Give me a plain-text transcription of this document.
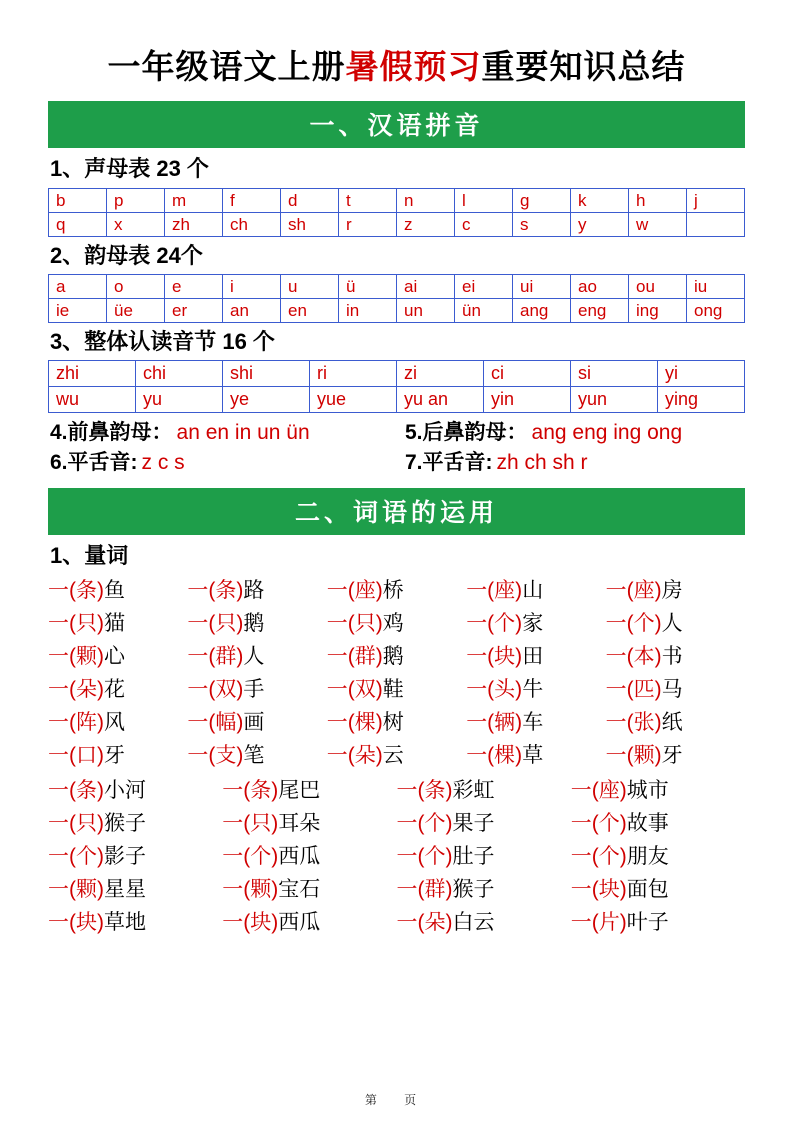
一年级语文上册暑假预习重要知识总结
一、汉语拼音
1、声母表 23 个
b	p	m	f	d	t	n	l	g	k	h	j
q	x	zh	ch	sh	r	z	c	s	y	w	
2、韵母表 24个
a	o	e	i	u	ü	ai	ei	ui	ao	ou	iu
ie	üe	er	an	en	in	un	ün	ang	eng	ing	ong
3、整体认读音节 16 个
zhi	chi	shi	ri	zi	ci	si	yi
wu	yu	ye	yue	yu an	yin	yun	ying
4.前鼻韵母： an en in un ün	5.后鼻韵母： ang eng ing ong
6.平舌音: z c s	7.平舌音: zh ch sh r
二、词语的运用
1、量词
一(条)鱼	一(条)路	一(座)桥	一(座)山	一(座)房
一(只)猫	一(只)鹅	一(只)鸡	一(个)家	一(个)人
一(颗)心	一(群)人	一(群)鹅	一(块)田	一(本)书
一(朵)花	一(双)手	一(双)鞋	一(头)牛	一(匹)马
一(阵)风	一(幅)画	一(棵)树	一(辆)车	一(张)纸
一(口)牙	一(支)笔	一(朵)云	一(棵)草	一(颗)牙
一(条)小河	一(条)尾巴	一(条)彩虹	一(座)城市
一(只)猴子	一(只)耳朵	一(个)果子	一(个)故事
一(个)影子	一(个)西瓜	一(个)肚子	一(个)朋友
一(颗)星星	一(颗)宝石	一(群)猴子	一(块)面包
一(块)草地	一(块)西瓜	一(朵)白云	一(片)叶子
第 页
